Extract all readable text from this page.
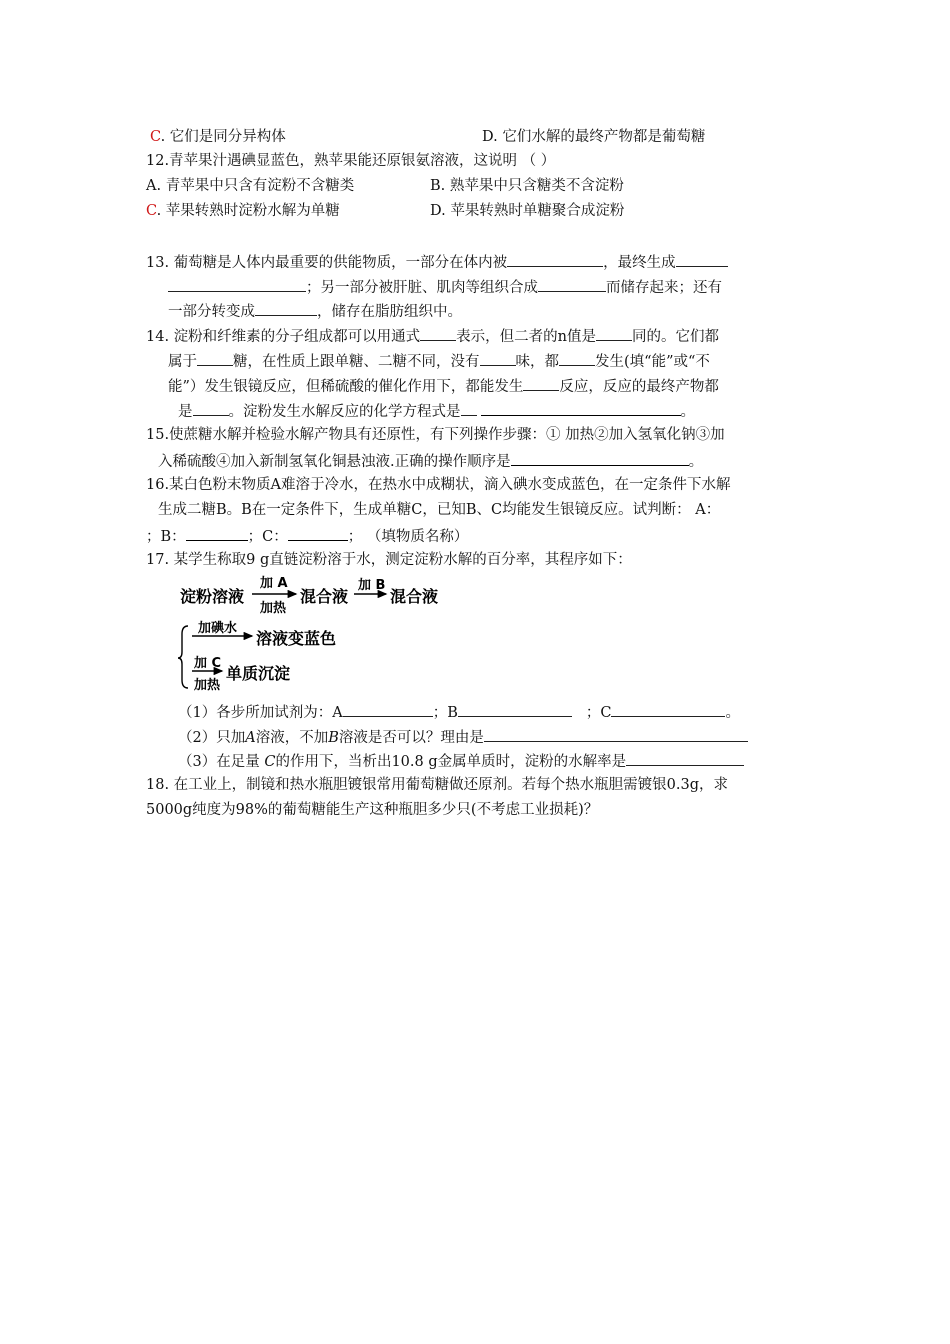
C. 它们是同分异构体	D. 它们水解的最终产物都是葡萄糖
12.青苹果汁遇碘显蓝色，熟苹果能还原银氨溶液，这说明 （ ）
A. 青苹果中只含有淀粉不含糖类	B. 熟苹果中只含糖类不含淀粉
C. 苹果转熟时淀粉水解为单糖	D. 苹果转熟时单糖聚合成淀粉
13. 葡萄糖是人体内最重要的供能物质，一部分在体内被	，最终生成
；另一部分被肝脏、肌肉等组织合成	而储存起来；还有
一部分转变成	，储存在脂肪组织中。
14. 淀粉和纤维素的分子组成都可以用通式 表示，但二者的n值是 同的。它们都
属于 糖，在性质上跟单糖、二糖不同，没有 味，都 发生(填“能”或“不
能”）发生银镜反应，但稀硫酸的催化作用下，都能发生 反应，反应的最终产物都
是 。淀粉发生水解反应的化学方程式是	。
15.使蔗糖水解并检验水解产物具有还原性，有下列操作步骤：① 加热②加入氢氧化钠③加
入稀硫酸④加入新制氢氧化铜悬浊液.正确的操作顺序是	。
16.某白色粉末物质A难溶于冷水，在热水中成糊状，滴入碘水变成蓝色，在一定条件下水解
生成二糖B。B在一定条件下，生成单糖C，已知B、C均能发生银镜反应。试判断： A：
；B：	；C：	； （填物质名称）
17. 某学生称取9 g直链淀粉溶于水，测定淀粉水解的百分率，其程序如下：
淀粉溶液
加 A
加热
混合液
加 B
混合液
加碘水
溶液变蓝色
加 C
加热
单质沉淀
（1）各步所加试剂为：A	；B	；C	。
（2）只加A溶液，不加B溶液是否可以？理由是
（3）在足量 C的作用下，当析出10.8 g金属单质时，淀粉的水解率是
18. 在工业上，制镜和热水瓶胆镀银常用葡萄糖做还原剂。若每个热水瓶胆需镀银0.3g，求
5000g纯度为98%的葡萄糖能生产这种瓶胆多少只(不考虑工业损耗)？
